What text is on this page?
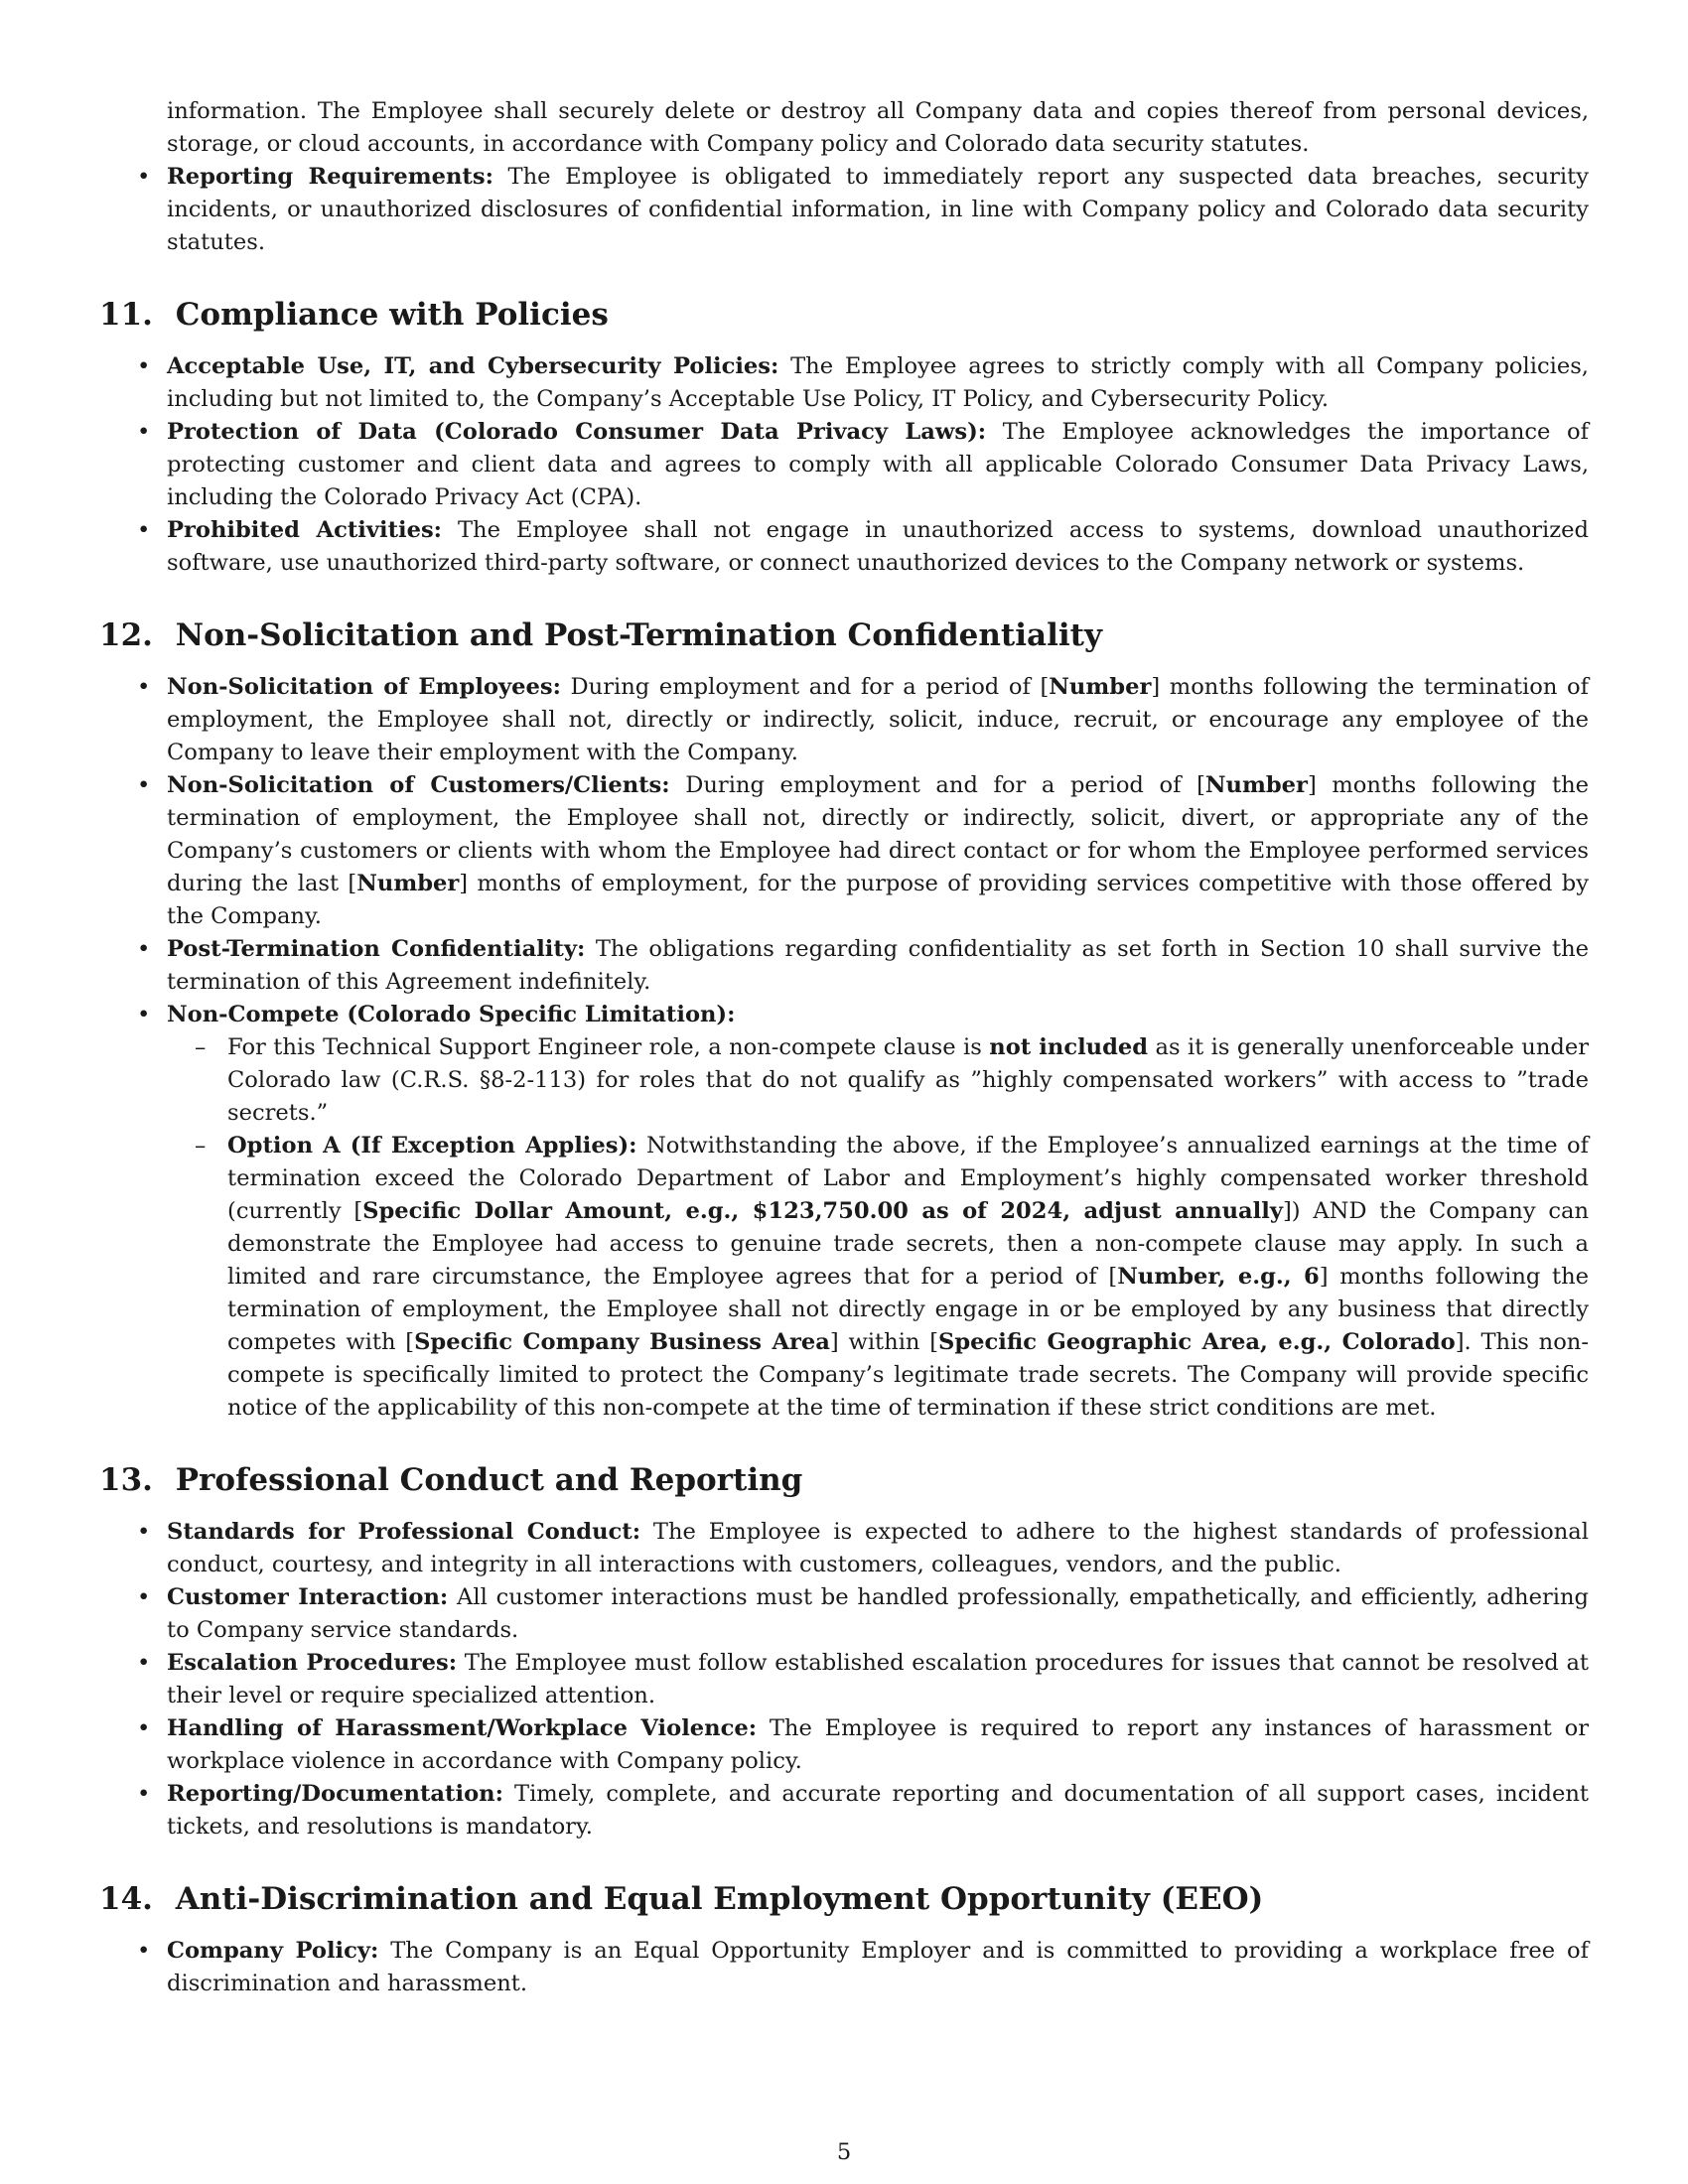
information. The Employee shall securely delete or destroy all Company data and copies thereof from personal devices, storage, or cloud accounts, in accordance with Company policy and Colorado data security statutes.
• Reporting Requirements: The Employee is obligated to immediately report any suspected data breaches, security incidents, or unauthorized disclosures of confidential information, in line with Company policy and Colorado data security statutes.
11. Compliance with Policies
• Acceptable Use, IT, and Cybersecurity Policies: The Employee agrees to strictly comply with all Company policies, including but not limited to, the Company’s Acceptable Use Policy, IT Policy, and Cybersecurity Policy.
• Protection of Data (Colorado Consumer Data Privacy Laws): The Employee acknowledges the importance of protecting customer and client data and agrees to comply with all applicable Colorado Consumer Data Privacy Laws, including the Colorado Privacy Act (CPA).
• Prohibited Activities: The Employee shall not engage in unauthorized access to systems, download unauthorized software, use unauthorized third-party software, or connect unauthorized devices to the Company network or systems.
12. Non-Solicitation and Post-Termination Confidentiality
• Non-Solicitation of Employees: During employment and for a period of [Number] months following the termination of employment, the Employee shall not, directly or indirectly, solicit, induce, recruit, or encourage any employee of the Company to leave their employment with the Company.
• Non-Solicitation of Customers/Clients: During employment and for a period of [Number] months following the termination of employment, the Employee shall not, directly or indirectly, solicit, divert, or appropriate any of the Company’s customers or clients with whom the Employee had direct contact or for whom the Employee performed services during the last [Number] months of employment, for the purpose of providing services competitive with those offered by the Company.
• Post-Termination Confidentiality: The obligations regarding confidentiality as set forth in Section 10 shall survive the termination of this Agreement indefinitely.
• Non-Compete (Colorado Specific Limitation):
– For this Technical Support Engineer role, a non-compete clause is not included as it is generally unenforceable under Colorado law (C.R.S. §8-2-113) for roles that do not qualify as ”highly compensated workers” with access to ”trade secrets.”
– Option A (If Exception Applies): Notwithstanding the above, if the Employee’s annualized earnings at the time of termination exceed the Colorado Department of Labor and Employment’s highly compensated worker threshold (currently [Specific Dollar Amount, e.g., $123,750.00 as of 2024, adjust annually]) AND the Company can demonstrate the Employee had access to genuine trade secrets, then a non-compete clause may apply. In such a limited and rare circumstance, the Employee agrees that for a period of [Number, e.g., 6] months following the termination of employment, the Employee shall not directly engage in or be employed by any business that directly competes with [Specific Company Business Area] within [Specific Geographic Area, e.g., Colorado]. This non-compete is specifically limited to protect the Company’s legitimate trade secrets. The Company will provide specific notice of the applicability of this non-compete at the time of termination if these strict conditions are met.
13. Professional Conduct and Reporting
• Standards for Professional Conduct: The Employee is expected to adhere to the highest standards of professional conduct, courtesy, and integrity in all interactions with customers, colleagues, vendors, and the public.
• Customer Interaction: All customer interactions must be handled professionally, empathetically, and efficiently, adhering to Company service standards.
• Escalation Procedures: The Employee must follow established escalation procedures for issues that cannot be resolved at their level or require specialized attention.
• Handling of Harassment/Workplace Violence: The Employee is required to report any instances of harassment or workplace violence in accordance with Company policy.
• Reporting/Documentation: Timely, complete, and accurate reporting and documentation of all support cases, incident tickets, and resolutions is mandatory.
14. Anti-Discrimination and Equal Employment Opportunity (EEO)
• Company Policy: The Company is an Equal Opportunity Employer and is committed to providing a workplace free of discrimination and harassment.
5
